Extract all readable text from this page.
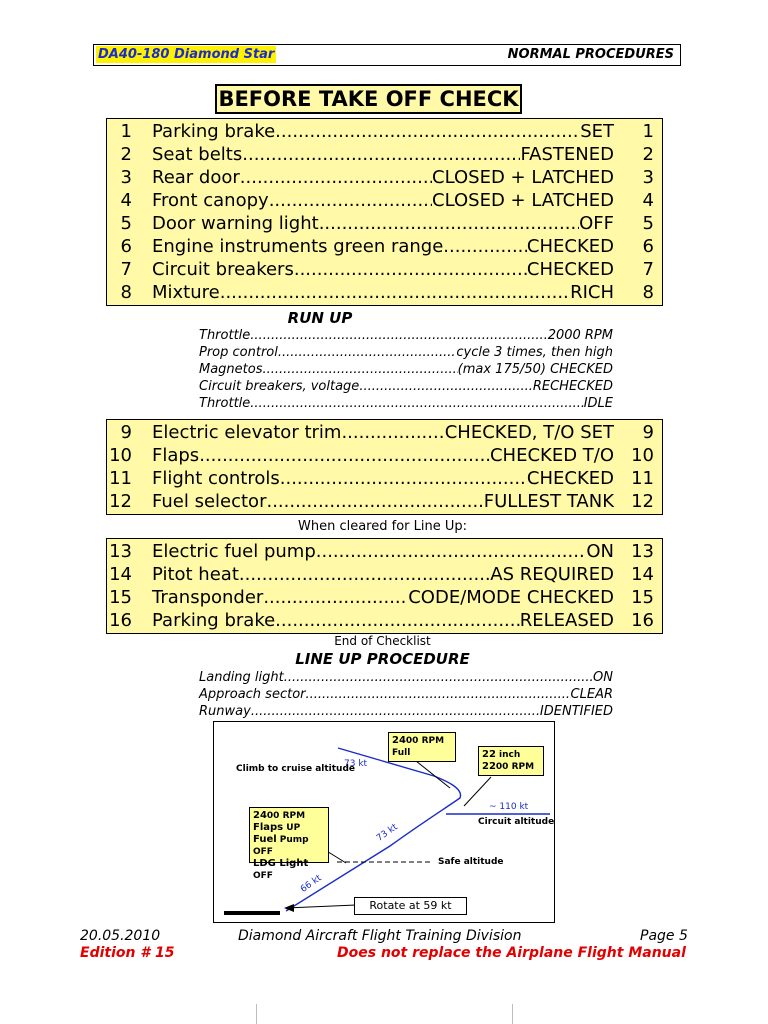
DA40-180 Diamond Star	NORMAL PROCEDURES
BEFORE TAKE OFF CHECK
1 Parking brake .....	SET	1
2 Seat belts .....	FASTENED	2
3 Rear door .....	CLOSED + LATCHED	3
4 Front canopy .....	CLOSED + LATCHED	4
5 Door warning light .....	OFF	5
6 Engine instruments green range .....	CHECKED	6
7 Circuit breakers .....	CHECKED	7
8 Mixture .....	RICH	8
RUN UP
Throttle .....	2000 RPM
Prop control .....	cycle 3 times, then high
Magnetos .....	(max 175/50) CHECKED
Circuit breakers, voltage .....	RECHECKED
Throttle .....	IDLE
9 Electric elevator trim .....	CHECKED, T/O SET	9
10 Flaps .....	CHECKED T/O 10
11 Flight controls .....	CHECKED 11
12 Fuel selector .....	FULLEST TANK 12
When cleared for Line Up:
13 Electric fuel pump .....	ON 13
14 Pitot heat .....	AS REQUIRED 14
15 Transponder .....	CODE/MODE CHECKED 15
16 Parking brake .....	RELEASED 16
End of Checklist
LINE UP PROCEDURE
Landing light .....	ON
Approach sector .....	CLEAR
Runway .....	IDENTIFIED
Climb to cruise altitude
73 kt
73 kt
66 kt
~ 110 kt
Circuit altitude
Safe altitude
2400 RPM
Full	22 inch
2200 RPM
2400 RPM
Flaps UP
Fuel Pump OFF
LDG Light OFF
Rotate at 59 kt
20.05.2010	Diamond Aircraft Flight Training Division	Page 5
Edition # 15	Does not replace the Airplane Flight Manual
